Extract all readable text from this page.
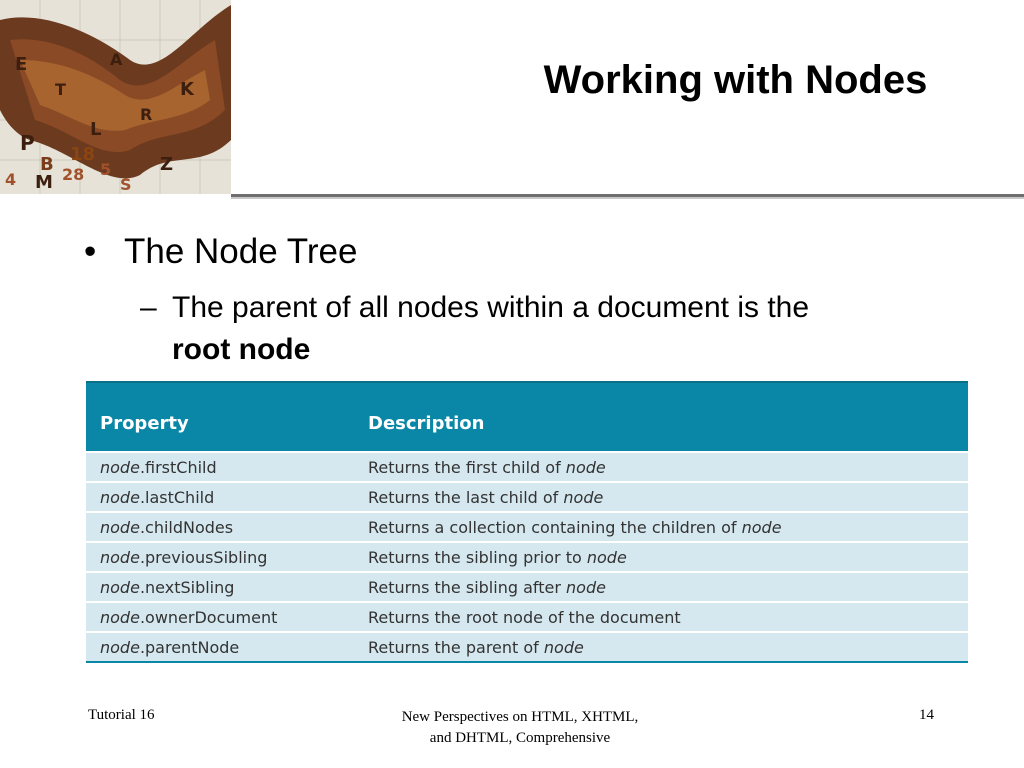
P
B
M 28
18
5
S
Z
4
L
R
K
T
A
E	Working with Nodes
• The Node Tree
– The parent of all nodes within a document is the
root node
Property	Description
node.firstChild	Returns the first child of node
node.lastChild	Returns the last child of node
node.childNodes	Returns a collection containing the children of node
node.previousSibling	Returns the sibling prior to node
node.nextSibling	Returns the sibling after node
node.ownerDocument	Returns the root node of the document
node.parentNode	Returns the parent of node
Tutorial 16	New Perspectives on HTML, XHTML,
and DHTML, Comprehensive
14
